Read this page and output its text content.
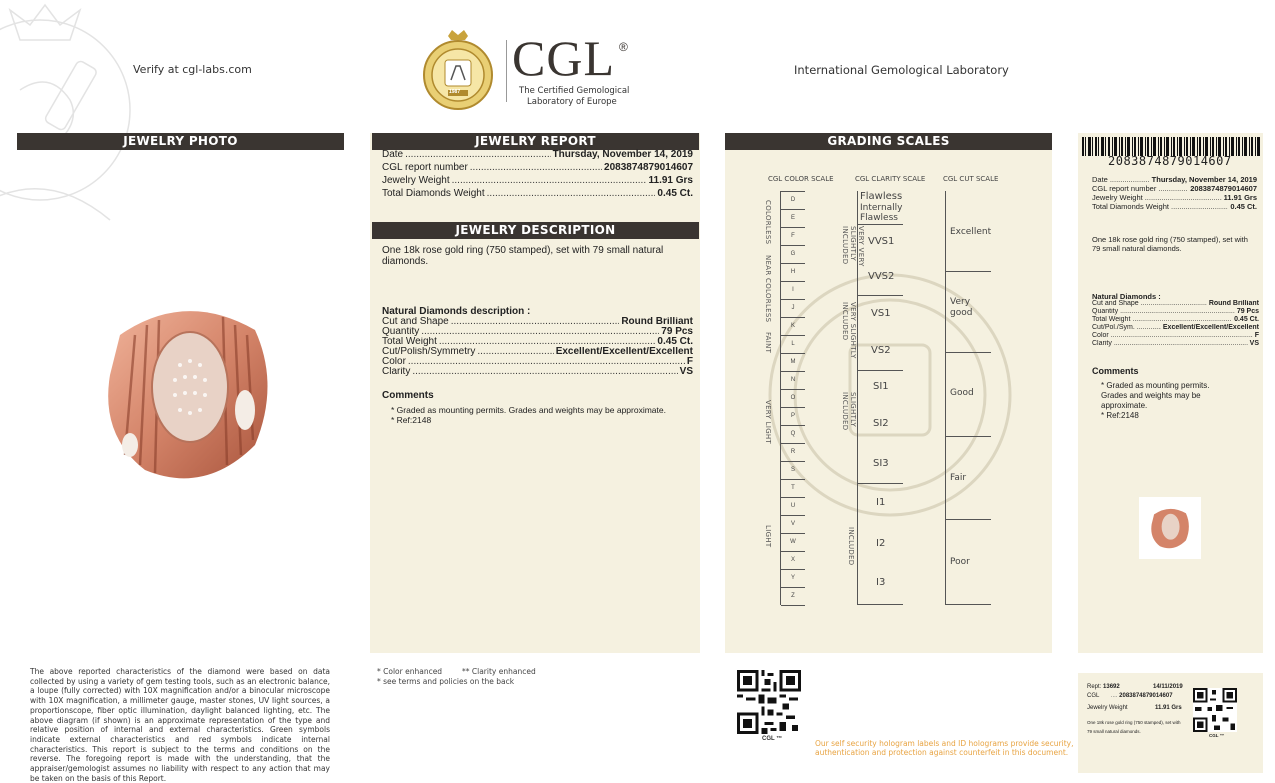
Verify at cgl-labs.com
1987
CGL ®
The Certified Gemological
Laboratory of Europe
International Gemological Laboratory
JEWELRY PHOTO
The above reported characteristics of the diamond were based on data collected by using a variety of gem testing tools, such as an electronic balance, a loupe (fully corrected) with 10X magnification and/or a binocular microscope with 10X magnification, a millimeter gauge, master stones, UV light sources, a proportionscope, fiber optic illumination, daylight balanced lighting, etc. The above diagram (if shown) is an approximate representation of the type and relative position of internal and external characteristics. Green symbols indicate external characteristics and red symbols indicate internal characteristics. This report is subject to the terms and conditions on the reverse. The foregoing report is made with the understanding, that the appraiser/gemologist assumes no liability with respect to any action that may be taken on the basis of this Report.
JEWELRY REPORT
Date .....	Thursday, November 14, 2019
CGL report number .....	2083874879014607
Jewelry Weight .....	11.91 Grs
Total Diamonds Weight .....	0.45 Ct.
JEWELRY DESCRIPTION
One 18k rose gold ring (750 stamped), set with 79 small natural diamonds.
Natural Diamonds description :
Cut and Shape .....	Round Brilliant
Quantity .....	79 Pcs
Total Weight .....	0.45 Ct.
Cut/Polish/Symmetry .....	Excellent/Excellent/Excellent
Color .....	F
Clarity .....	VS
Comments
* Graded as mounting permits. Grades and weights may be approximate.
* Ref:2148
* Color enhanced	** Clarity enhanced
* see terms and policies on the back
GRADING SCALES
CGL COLOR SCALE	CGL CLARITY SCALE	CGL CUT SCALE
D
E
F
G
H
I
J
K
L
M
N
O
P
Q
R
S
T
U
V
W
X
Y
Z
COLORLESS
NEAR COLORLESS
FAINT
VERY LIGHT
LIGHT
Flawless
Internally Flawless
VVS1
VVS2
VS1
VS2
SI1
SI2
SI3
I1
I2
I3
VERY VERY SLIGHTLY INCLUDED
VERY SLIGHTLY INCLUDED
SLIGHTLY INCLUDED
INCLUDED
Excellent
Very good
Good
Fair
Poor
CGL ™	Our self security hologram labels and ID holograms provide security,
authentication and protection against counterfeit in this document.
2083874879014607
Date .....	Thursday, November 14, 2019
CGL report number .....	2083874879014607
Jewelry Weight .....	11.91 Grs
Total Diamonds Weight .....	0.45 Ct.
One 18k rose gold ring (750 stamped), set with 79 small natural diamonds.
Natural Diamonds :
Cut and Shape .....	Round Brilliant
Quantity .....	79 Pcs
Total Weight .....	0.45 Ct.
Cut/Pol./Sym. .....	Excellent/Excellent/Excellent
Color .....	F
Clarity .....	VS
Comments
* Graded as mounting permits.
Grades and weights may be
approximate.
* Ref:2148
Rept: 13692	14/11/2019
CGL .... 2083874879014607
Jewelry Weight	11.91 Grs
One 18k rose gold ring (750 stamped), set with
79 small natural diamonds.
CGL ™
